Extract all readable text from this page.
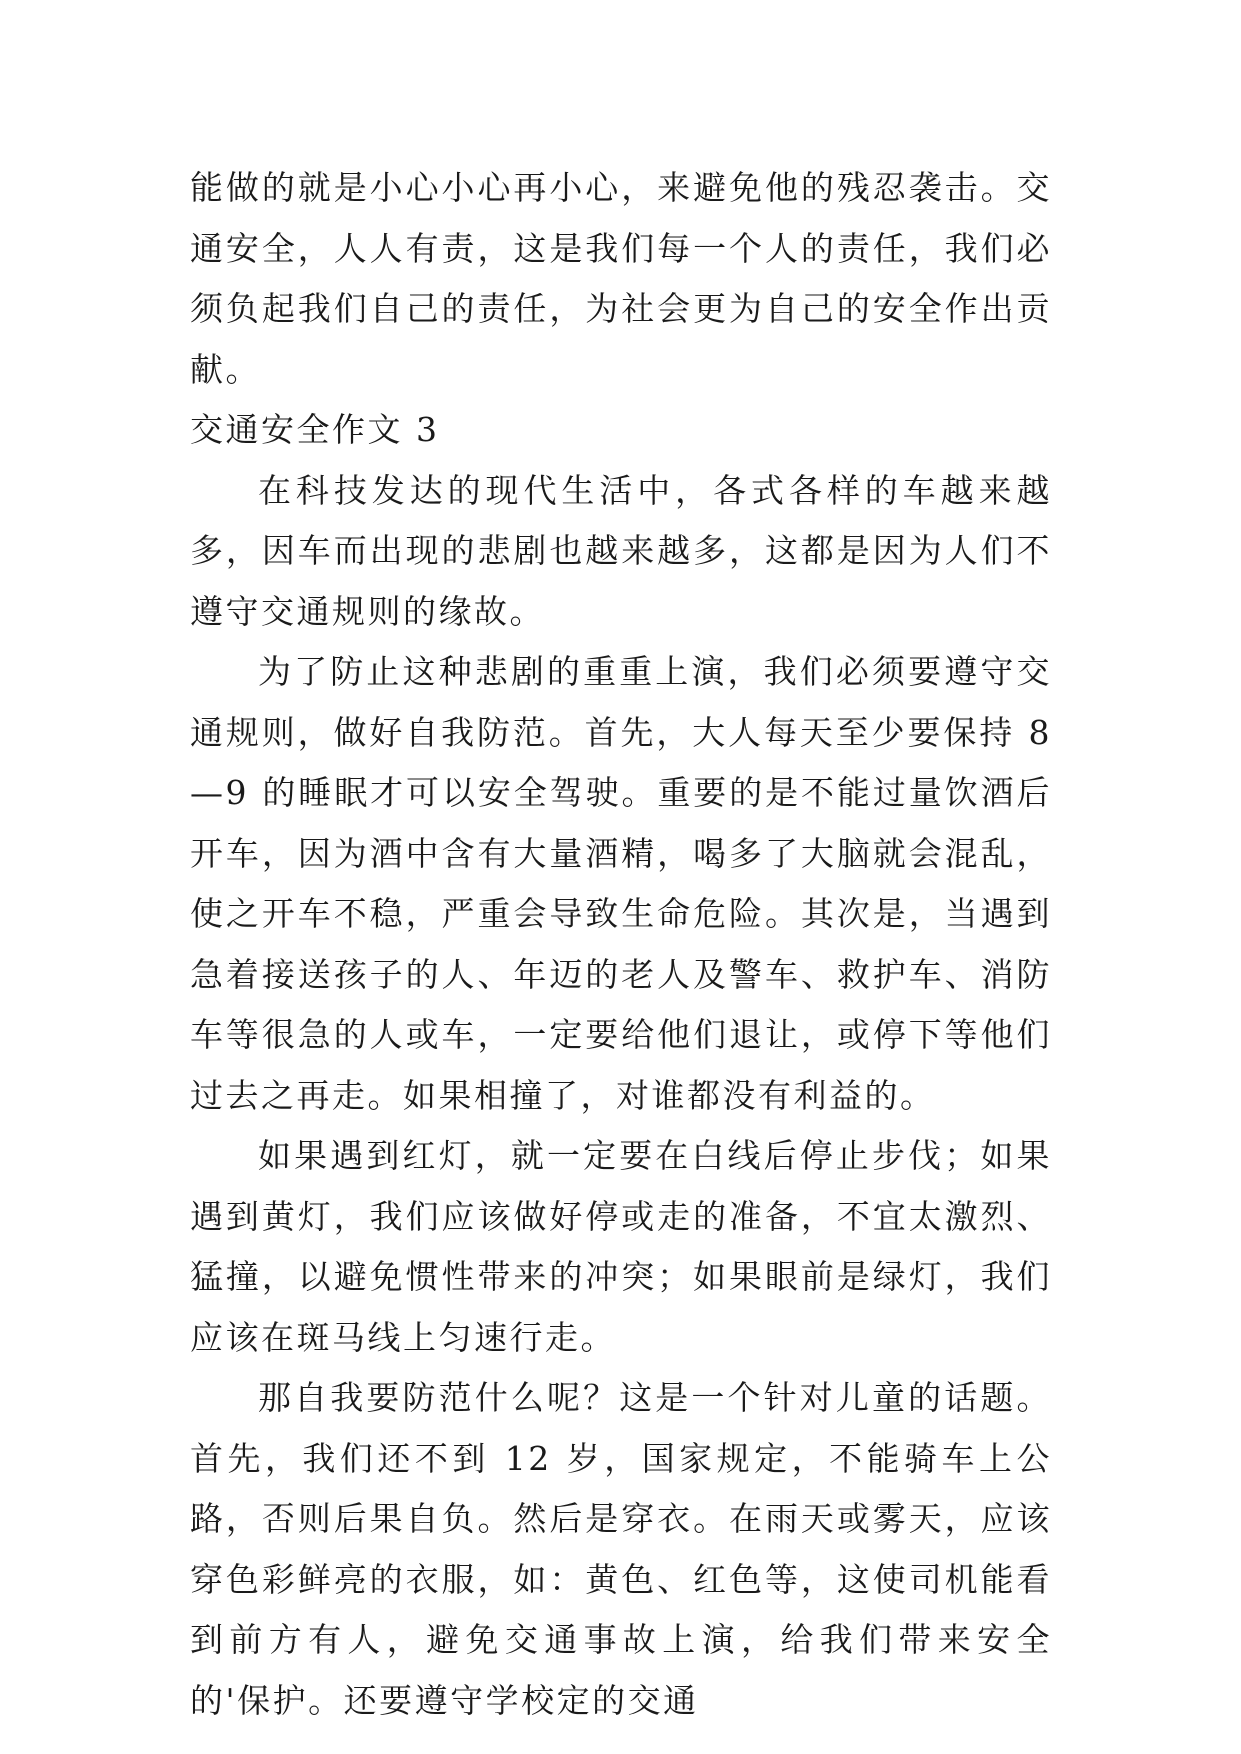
能做的就是小心小心再小心，来避免他的残忍袭击。交通安全，人人有责，这是我们每一个人的责任，我们必须负起我们自己的责任，为社会更为自己的安全作出贡献。

交通安全作文 3

在科技发达的现代生活中，各式各样的车越来越多，因车而出现的悲剧也越来越多，这都是因为人们不遵守交通规则的缘故。

为了防止这种悲剧的重重上演，我们必须要遵守交通规则，做好自我防范。首先，大人每天至少要保持 8—9 的睡眠才可以安全驾驶。重要的是不能过量饮酒后开车，因为酒中含有大量酒精，喝多了大脑就会混乱，使之开车不稳，严重会导致生命危险。其次是，当遇到急着接送孩子的人、年迈的老人及警车、救护车、消防车等很急的人或车，一定要给他们退让，或停下等他们过去之再走。如果相撞了，对谁都没有利益的。

如果遇到红灯，就一定要在白线后停止步伐；如果遇到黄灯，我们应该做好停或走的准备，不宜太激烈、猛撞，以避免惯性带来的冲突；如果眼前是绿灯，我们应该在斑马线上匀速行走。

那自我要防范什么呢？这是一个针对儿童的话题。首先，我们还不到 12 岁，国家规定，不能骑车上公路，否则后果自负。然后是穿衣。在雨天或雾天，应该穿色彩鲜亮的衣服，如：黄色、红色等，这使司机能看到前方有人，避免交通事故上演，给我们带来安全的'保护。还要遵守学校定的交通
